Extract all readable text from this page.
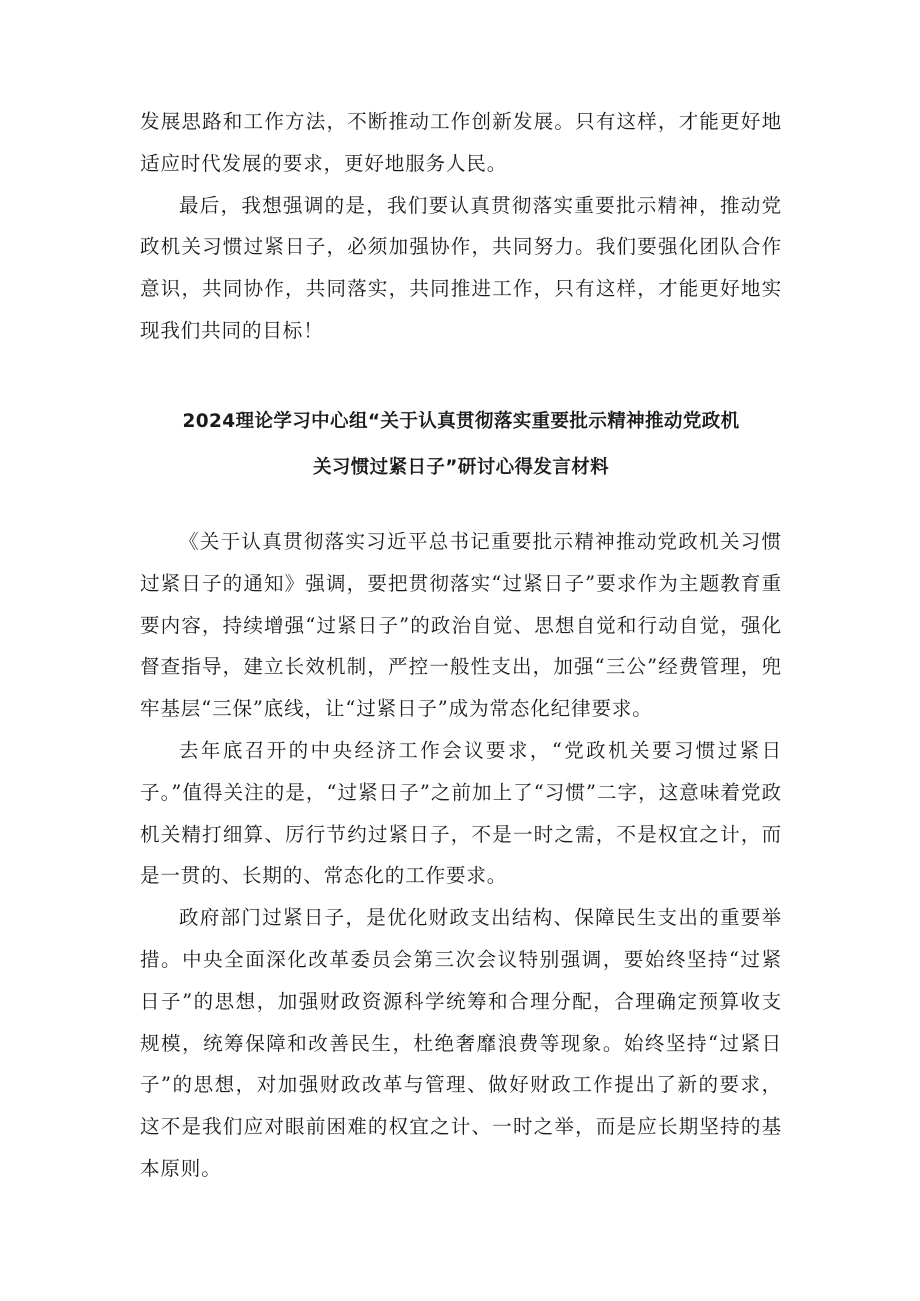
发展思路和工作方法，不断推动工作创新发展。只有这样，才能更好地适应时代发展的要求，更好地服务人民。

最后，我想强调的是，我们要认真贯彻落实重要批示精神，推动党政机关习惯过紧日子，必须加强协作，共同努力。我们要强化团队合作意识，共同协作，共同落实，共同推进工作，只有这样，才能更好地实现我们共同的目标！

2024理论学习中心组“关于认真贯彻落实重要批示精神推动党政机
关习惯过紧日子”研讨心得发言材料

《关于认真贯彻落实习近平总书记重要批示精神推动党政机关习惯过紧日子的通知》强调，要把贯彻落实“过紧日子”要求作为主题教育重要内容，持续增强“过紧日子”的政治自觉、思想自觉和行动自觉，强化督查指导，建立长效机制，严控一般性支出，加强“三公”经费管理，兜牢基层“三保”底线，让“过紧日子”成为常态化纪律要求。

去年底召开的中央经济工作会议要求，“党政机关要习惯过紧日子。”值得关注的是，“过紧日子”之前加上了“习惯”二字，这意味着党政机关精打细算、厉行节约过紧日子，不是一时之需，不是权宜之计，而是一贯的、长期的、常态化的工作要求。

政府部门过紧日子，是优化财政支出结构、保障民生支出的重要举措。中央全面深化改革委员会第三次会议特别强调，要始终坚持“过紧日子”的思想，加强财政资源科学统筹和合理分配，合理确定预算收支规模，统筹保障和改善民生，杜绝奢靡浪费等现象。始终坚持“过紧日子”的思想，对加强财政改革与管理、做好财政工作提出了新的要求，这不是我们应对眼前困难的权宜之计、一时之举，而是应长期坚持的基本原则。
